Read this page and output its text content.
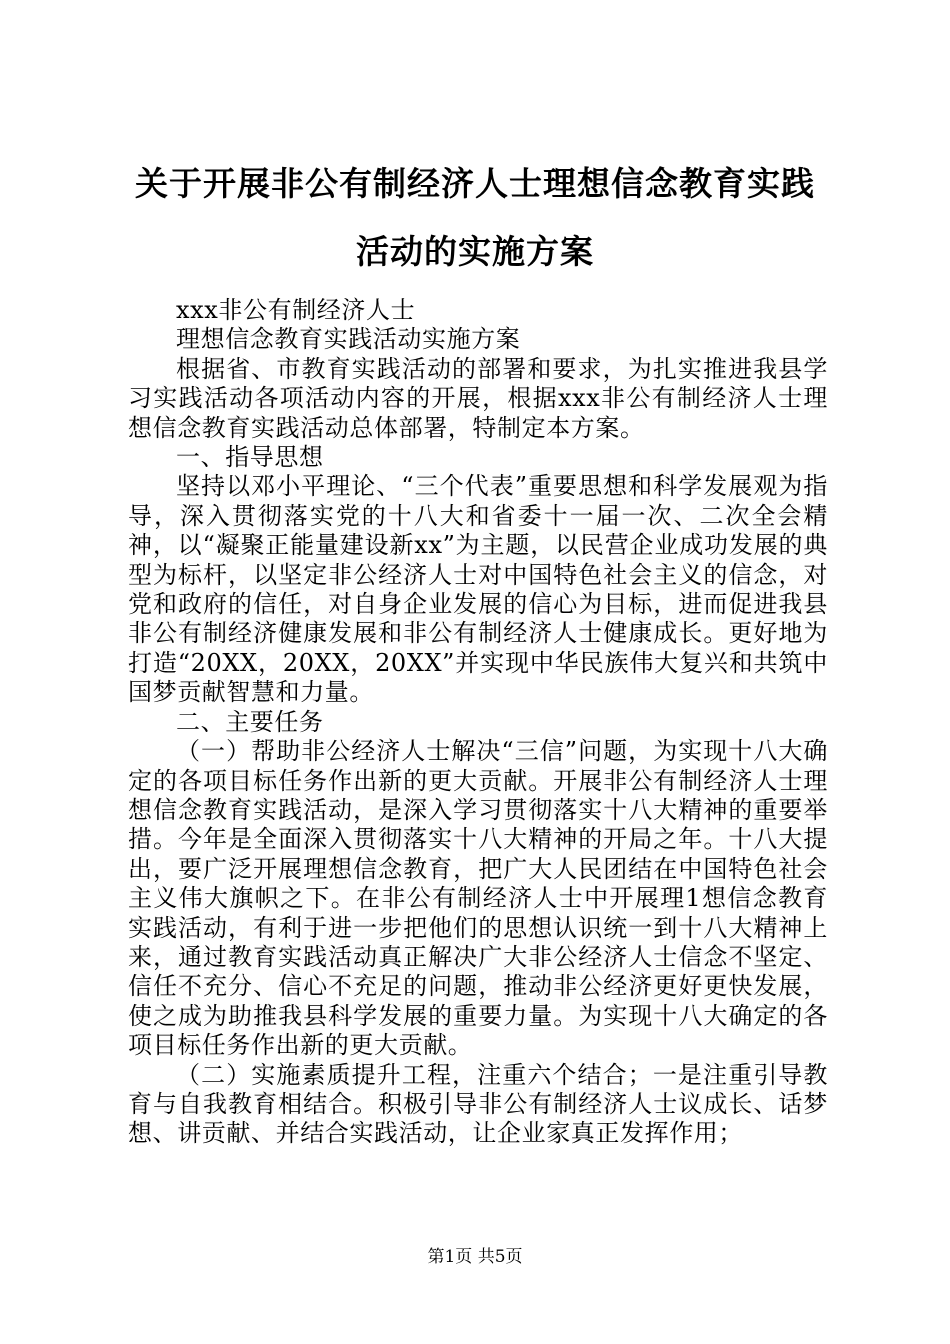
关于开展非公有制经济人士理想信念教育实践
活动的实施方案

xxx非公有制经济人士

理想信念教育实践活动实施方案

根据省、市教育实践活动的部署和要求，为扎实推进我县学习实践活动各项活动内容的开展，根据xxx非公有制经济人士理想信念教育实践活动总体部署，特制定本方案。

一、指导思想

坚持以邓小平理论、“三个代表”重要思想和科学发展观为指导，深入贯彻落实党的十八大和省委十一届一次、二次全会精神，以“凝聚正能量建设新xx”为主题，以民营企业成功发展的典型为标杆，以坚定非公经济人士对中国特色社会主义的信念，对党和政府的信任，对自身企业发展的信心为目标，进而促进我县非公有制经济健康发展和非公有制经济人士健康成长。更好地为打造“20XX，20XX，20XX”并实现中华民族伟大复兴和共筑中国梦贡献智慧和力量。

二、主要任务

（一）帮助非公经济人士解决“三信”问题，为实现十八大确定的各项目标任务作出新的更大贡献。开展非公有制经济人士理想信念教育实践活动，是深入学习贯彻落实十八大精神的重要举措。今年是全面深入贯彻落实十八大精神的开局之年。十八大提出，要广泛开展理想信念教育，把广大人民团结在中国特色社会主义伟大旗帜之下。在非公有制经济人士中开展理1想信念教育实践活动，有利于进一步把他们的思想认识统一到十八大精神上来，通过教育实践活动真正解决广大非公经济人士信念不坚定、信任不充分、信心不充足的问题，推动非公经济更好更快发展，使之成为助推我县科学发展的重要力量。为实现十八大确定的各项目标任务作出新的更大贡献。

（二）实施素质提升工程，注重六个结合；一是注重引导教育与自我教育相结合。积极引导非公有制经济人士议成长、话梦想、讲贡献、并结合实践活动，让企业家真正发挥作用；

第1页 共5页
